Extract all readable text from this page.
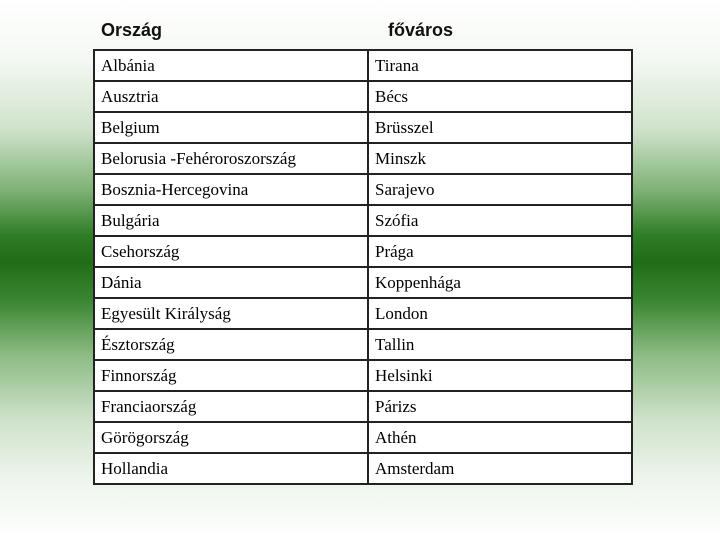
Ország	főváros
Albánia	Tirana
Ausztria	Bécs
Belgium	Brüsszel
Belorusia -Fehéroroszország	Minszk
Bosznia-Hercegovina	Sarajevo
Bulgária	Szófia
Csehország	Prága
Dánia	Koppenhága
Egyesült Királyság	London
Észtország	Tallin
Finnország	Helsinki
Franciaország	Párizs
Görögország	Athén
Hollandia	Amsterdam
